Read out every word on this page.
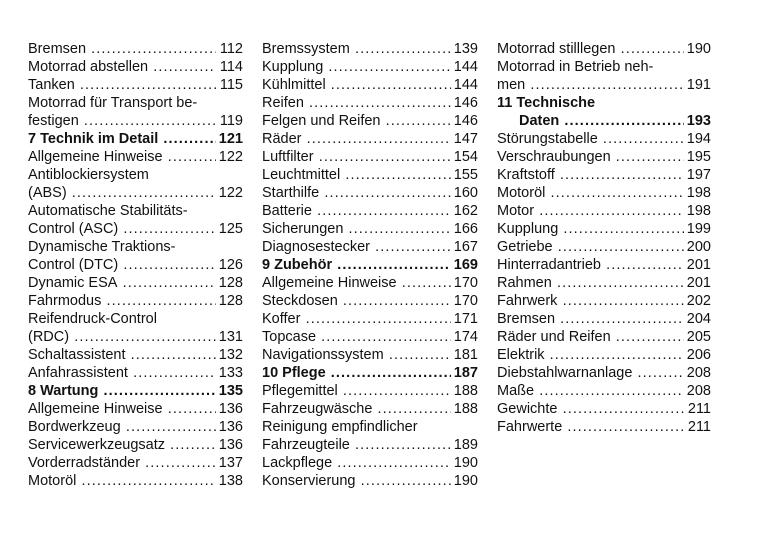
Bremsen .....	112
Motorrad abstellen .....	114
Tanken .....	115
Motorrad für Transport be-
festigen .....	119
7 Technik im Detail .....	121
Allgemeine Hinweise .....	122
Antiblockiersystem
(ABS) .....	122
Automatische Stabilitäts-
Control (ASC) .....	125
Dynamische Traktions-
Control (DTC) .....	126
Dynamic ESA .....	128
Fahrmodus .....	128
Reifendruck-Control
(RDC) .....	131
Schaltassistent .....	132
Anfahrassistent .....	133
8 Wartung .....	135
Allgemeine Hinweise .....	136
Bordwerkzeug .....	136
Servicewerkzeugsatz .....	136
Vorderradständer .....	137
Motoröl .....	138
Bremssystem .....	139
Kupplung .....	144
Kühlmittel .....	144
Reifen .....	146
Felgen und Reifen .....	146
Räder .....	147
Luftfilter .....	154
Leuchtmittel .....	155
Starthilfe .....	160
Batterie .....	162
Sicherungen .....	166
Diagnosestecker .....	167
9 Zubehör .....	169
Allgemeine Hinweise .....	170
Steckdosen .....	170
Koffer .....	171
Topcase .....	174
Navigationssystem .....	181
10 Pflege .....	187
Pflegemittel .....	188
Fahrzeugwäsche .....	188
Reinigung empfindlicher
Fahrzeugteile .....	189
Lackpflege .....	190
Konservierung .....	190
Motorrad stilllegen .....	190
Motorrad in Betrieb neh-
men .....	191
11 Technische
Daten .....	193
Störungstabelle .....	194
Verschraubungen .....	195
Kraftstoff .....	197
Motoröl .....	198
Motor .....	198
Kupplung .....	199
Getriebe .....	200
Hinterradantrieb .....	201
Rahmen .....	201
Fahrwerk .....	202
Bremsen .....	204
Räder und Reifen .....	205
Elektrik .....	206
Diebstahlwarnanlage .....	208
Maße .....	208
Gewichte .....	211
Fahrwerte .....	211
